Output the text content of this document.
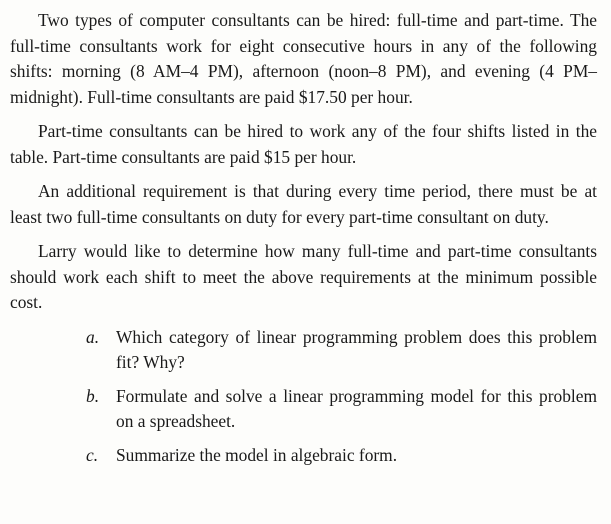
Two types of computer consultants can be hired: full-time and part-time. The full-time consultants work for eight consecutive hours in any of the following shifts: morning (8 AM–4 PM), afternoon (noon–8 PM), and evening (4 PM–midnight). Full-time consultants are paid $17.50 per hour.

Part-time consultants can be hired to work any of the four shifts listed in the table. Part-time consultants are paid $15 per hour.

An additional requirement is that during every time period, there must be at least two full-time consultants on duty for every part-time consultant on duty.

Larry would like to determine how many full-time and part-time consultants should work each shift to meet the above requirements at the minimum possible cost.

a. Which category of linear programming problem does this problem fit? Why?
b. Formulate and solve a linear programming model for this problem on a spreadsheet.
c.	Summarize the model in algebraic form.
